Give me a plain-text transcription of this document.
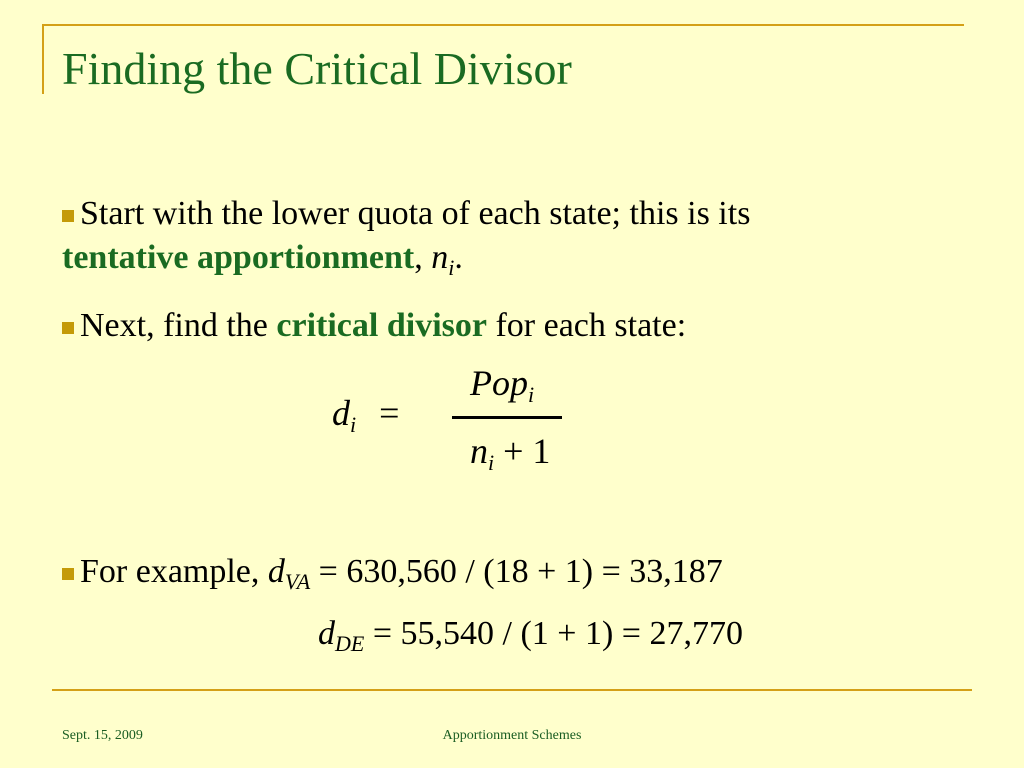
Finding the Critical Divisor
Start with the lower quota of each state; this is its
tentative apportionment, $n_i$.
Next, find the critical divisor for each state:
$d_i$ =
Pop$_i$
$n_i + 1$
For example, $d_{VA} = 630,560 / (18 + 1) = 33,187$
$d_{DE} = 55,540 / (1 + 1) = 27,770$
Sept. 15, 2009	Apportionment Schemes
